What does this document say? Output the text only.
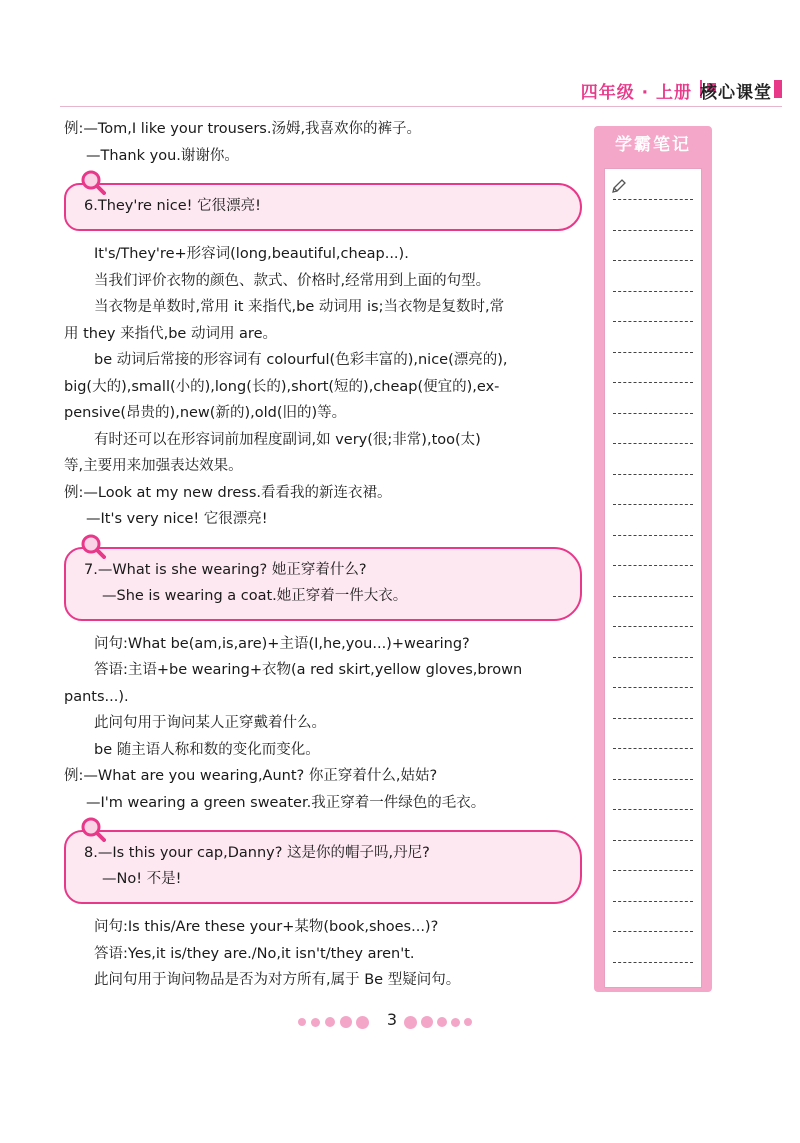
四年级 · 上册 核心课堂

例:—Tom,I like your trousers.汤姆,我喜欢你的裤子。

—Thank you.谢谢你。

6.They're nice! 它很漂亮!

It's/They're+形容词(long,beautiful,cheap...).

当我们评价衣物的颜色、款式、价格时,经常用到上面的句型。

当衣物是单数时,常用 it 来指代,be 动词用 is;当衣物是复数时,常

用 they 来指代,be 动词用 are。

be 动词后常接的形容词有 colourful(色彩丰富的),nice(漂亮的),

big(大的),small(小的),long(长的),short(短的),cheap(便宜的),ex-

pensive(昂贵的),new(新的),old(旧的)等。

有时还可以在形容词前加程度副词,如 very(很;非常),too(太)

等,主要用来加强表达效果。

例:—Look at my new dress.看看我的新连衣裙。

—It's very nice! 它很漂亮!

7.—What is she wearing? 她正穿着什么?

—She is wearing a coat.她正穿着一件大衣。

问句:What be(am,is,are)+主语(I,he,you...)+wearing?

答语:主语+be wearing+衣物(a red skirt,yellow gloves,brown

pants...).

此问句用于询问某人正穿戴着什么。

be 随主语人称和数的变化而变化。

例:—What are you wearing,Aunt? 你正穿着什么,姑姑?

—I'm wearing a green sweater.我正穿着一件绿色的毛衣。

8.—Is this your cap,Danny? 这是你的帽子吗,丹尼?

—No! 不是!

问句:Is this/Are these your+某物(book,shoes...)?

答语:Yes,it is/they are./No,it isn't/they aren't.

此问句用于询问物品是否为对方所有,属于 Be 型疑问句。

学霸笔记
3
